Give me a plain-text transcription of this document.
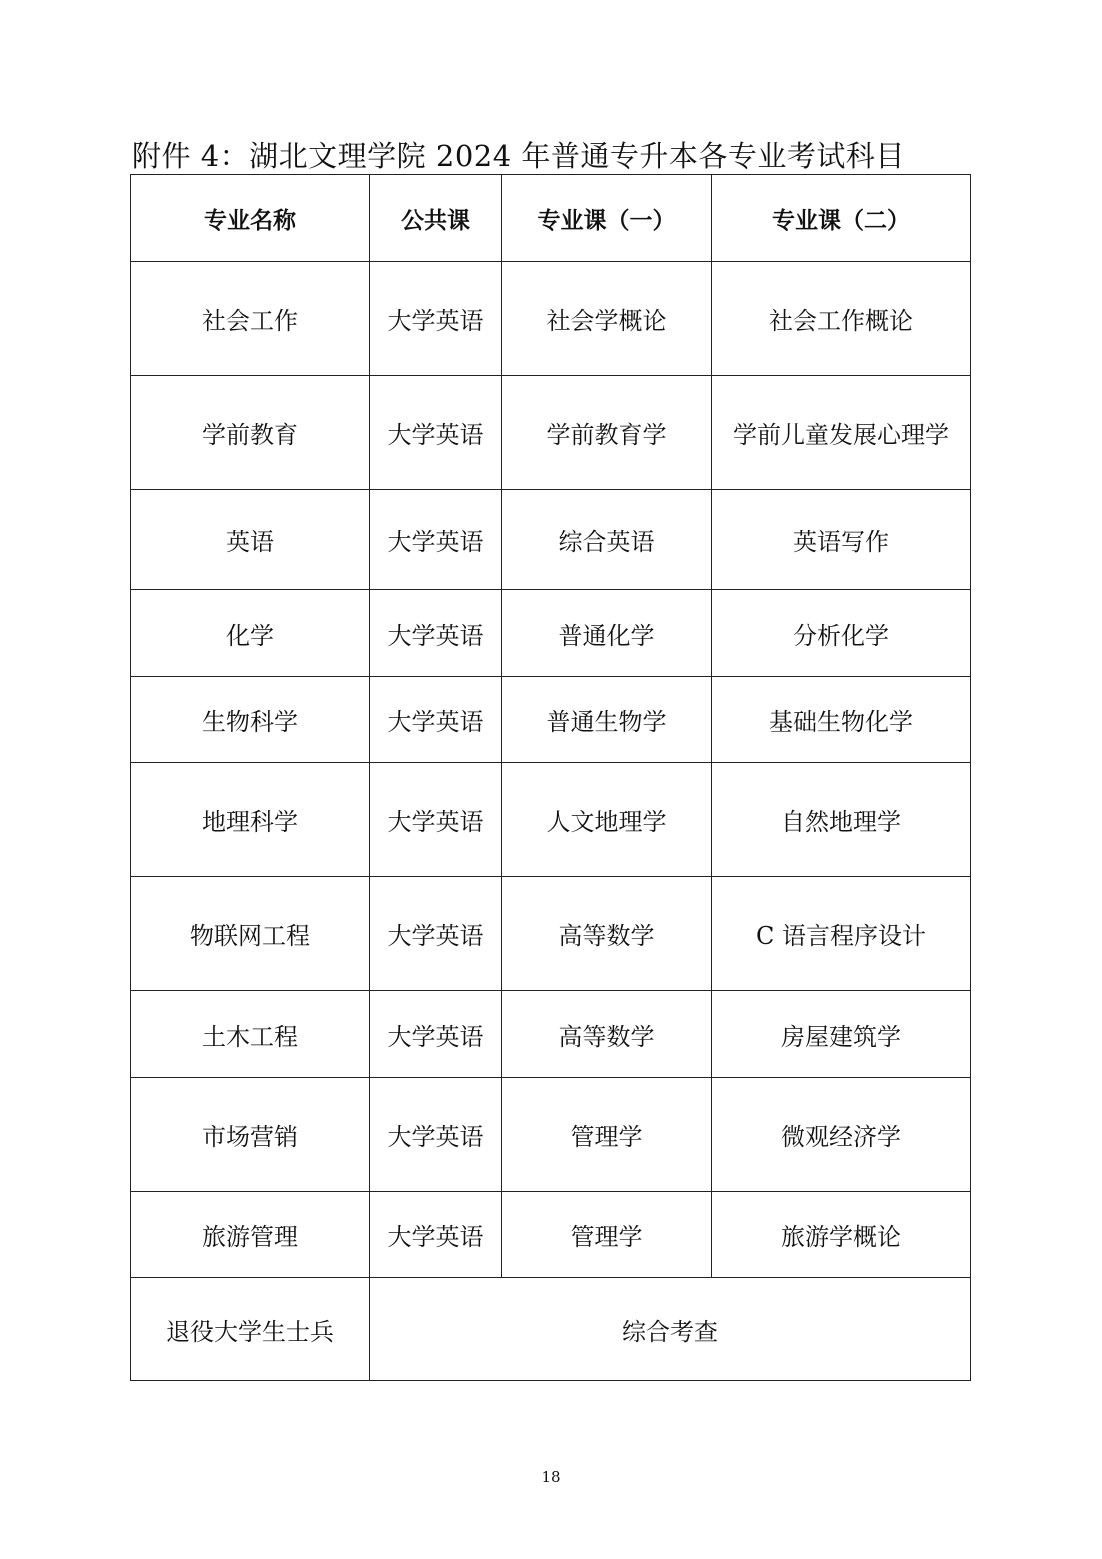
附件 4：湖北文理学院 2024 年普通专升本各专业考试科目
专业名称	公共课	专业课（一）	专业课（二）
社会工作	大学英语	社会学概论	社会工作概论
学前教育	大学英语	学前教育学	学前儿童发展心理学
英语	大学英语	综合英语	英语写作
化学	大学英语	普通化学	分析化学
生物科学	大学英语	普通生物学	基础生物化学
地理科学	大学英语	人文地理学	自然地理学
物联网工程	大学英语	高等数学	C 语言程序设计
土木工程	大学英语	高等数学	房屋建筑学
市场营销	大学英语	管理学	微观经济学
旅游管理	大学英语	管理学	旅游学概论
退役大学生士兵	综合考查		
18
